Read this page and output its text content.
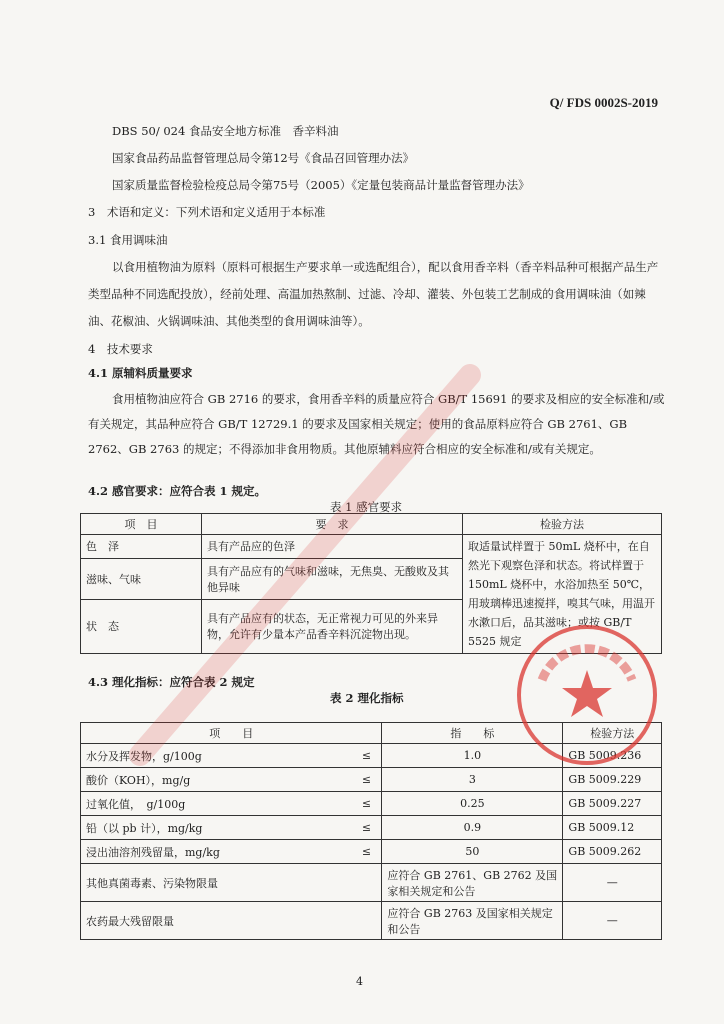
Q/ FDS 0002S-2019
DBS 50/ 024 食品安全地方标准　香辛料油
国家食品药品监督管理总局令第12号《食品召回管理办法》
国家质量监督检验检疫总局令第75号（2005）《定量包装商品计量监督管理办法》
3　术语和定义：下列术语和定义适用于本标准
3.1 食用调味油
以食用植物油为原料（原料可根据生产要求单一或选配组合），配以食用香辛料（香辛料品种可根据产品生产类型品种不同选配投放），经前处理、高温加热熬制、过滤、冷却、灌装、外包装工艺制成的食用调味油（如辣油、花椒油、火锅调味油、其他类型的食用调味油等）。
4　技术要求
4.1 原辅料质量要求
食用植物油应符合 GB 2716 的要求，食用香辛料的质量应符合 GB/T 15691 的要求及相应的安全标准和/或有关规定，其品种应符合 GB/T 12729.1 的要求及国家相关规定；使用的食品原料应符合 GB 2761、GB 2762、GB 2763 的规定；不得添加非食用物质。其他原辅料应符合相应的安全标准和/或有关规定。
4.2 感官要求：应符合表 1 规定。
表 1 感官要求
项　目	要　求	检验方法
色　泽	具有产品应的色泽	取适量试样置于 50mL 烧杯中，在自然光下观察色泽和状态。将试样置于 150mL 烧杯中，水浴加热至 50℃，用玻璃棒迅速搅拌，嗅其气味，用温开水漱口后，品其滋味；或按 GB/T 5525 规定
滋味、气味	具有产品应有的气味和滋味，无焦臭、无酸败及其他异味	
状　态	具有产品应有的状态，无正常视力可见的外来异物，允许有少量本产品香辛料沉淀物出现。	
4.3 理化指标：应符合表 2 规定
表 2 理化指标
项　　目		指　　标	检验方法
水分及挥发物，g/100g	≤	1.0	GB 5009.236
酸价（KOH），mg/g	≤	3	GB 5009.229
过氧化值，　g/100g	≤	0.25	GB 5009.227
铅（以 pb 计），mg/kg	≤	0.9	GB 5009.12
浸出油溶剂残留量，mg/kg	≤	50	GB 5009.262
其他真菌毒素、污染物限量		应符合 GB 2761、GB 2762 及国家相关规定和公告	—
农药最大残留限量		应符合 GB 2763 及国家相关规定和公告	—
4
